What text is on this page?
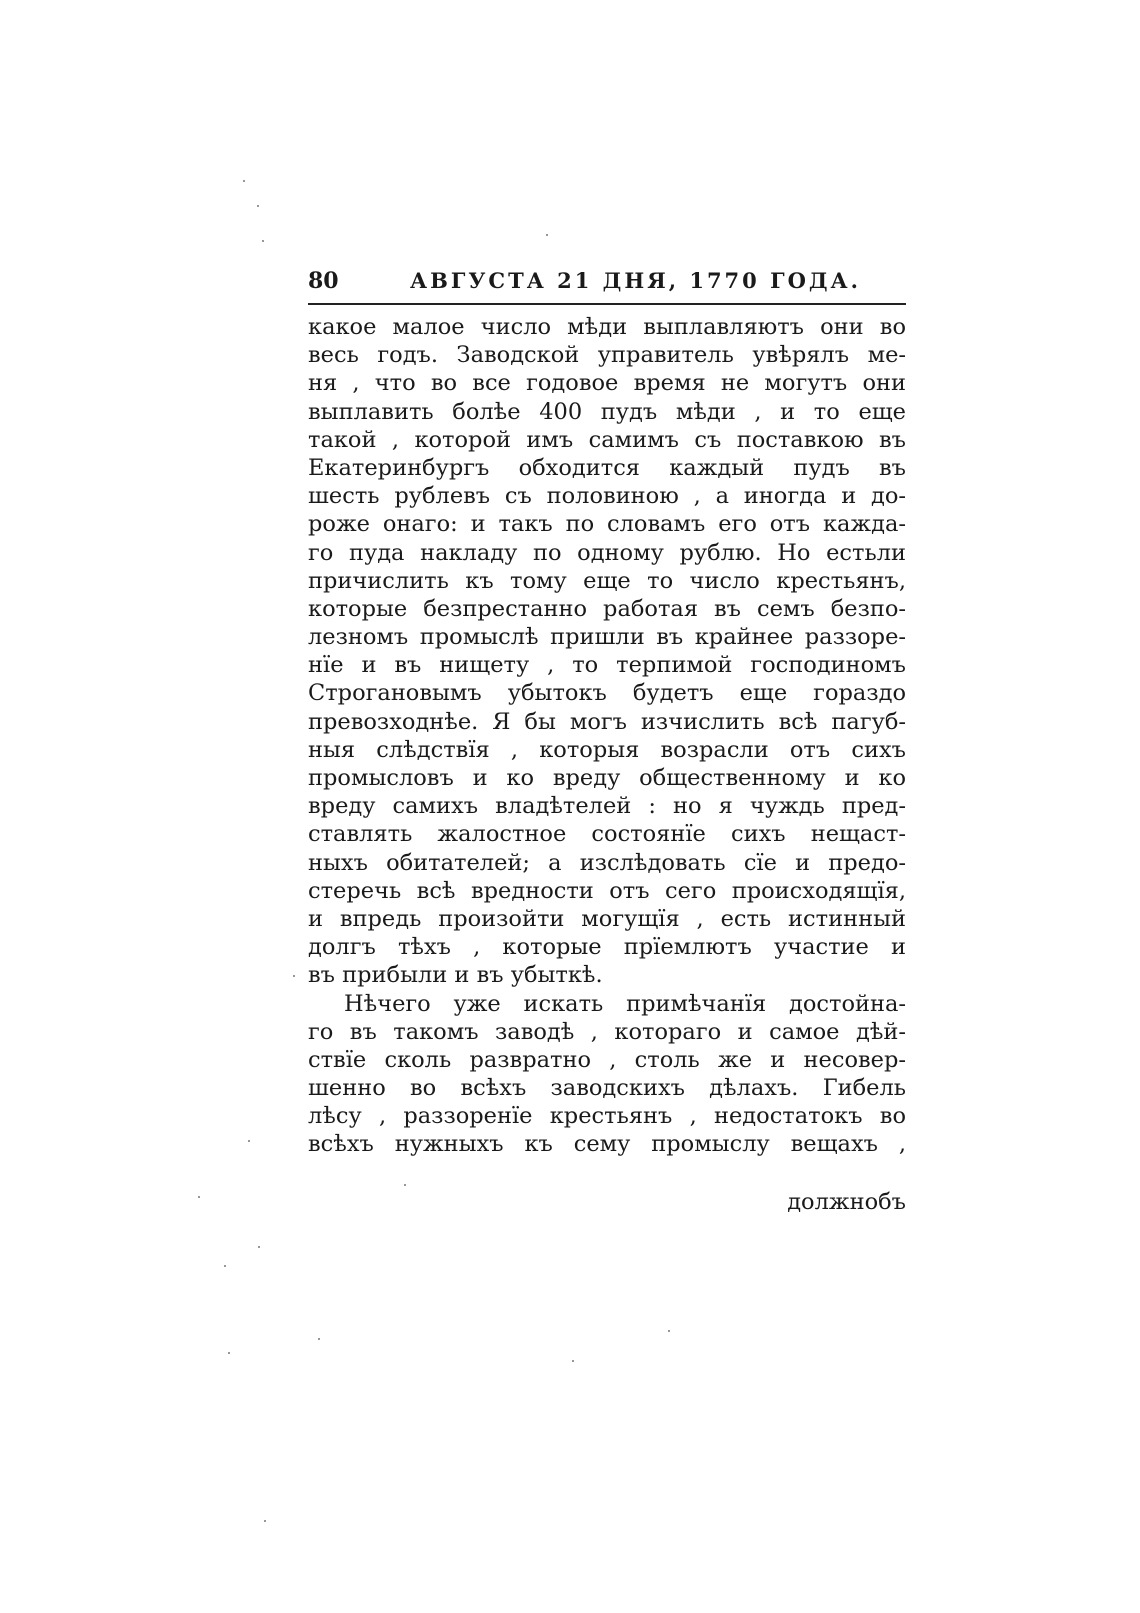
80	АВГУСТА 21 ДНЯ, 1770 ГОДА.
какое малое число мѣди выплавляютъ они во
весь годъ. Заводской управитель увѣрялъ ме-
ня , что во все годовое время не могутъ они
выплавить болѣе 400 пудъ мѣди , и то еще
такой , которой имъ самимъ съ поставкою въ
Екатеринбургъ обходится каждый пудъ въ
шесть рублевъ съ половиною , а иногда и до-
роже онаго: и такъ по словамъ его отъ кажда-
го пуда накладу по одному рублю. Но естьли
причислить къ тому еще то число крестьянъ,
которые безпрестанно работая въ семъ безпо-
лезномъ промыслѣ пришли въ крайнее раззоре-
нїе и въ нищету , то терпимой господиномъ
Строгановымъ убытокъ будетъ еще гораздо
превозходнѣе. Я бы могъ изчислить всѣ пагуб-
ныя слѣдствїя , которыя возрасли отъ сихъ
промысловъ и ко вреду общественному и ко
вреду самихъ владѣтелей : но я чуждь пред-
ставлять жалостное состоянїе сихъ нещаст-
ныхъ обитателей; а изслѣдовать сїе и предо-
стеречь всѣ вредности отъ сего происходящїя,
и впредь произойти могущїя , есть истинный
долгъ тѣхъ , которые прїемлютъ участие и
въ прибыли и въ убыткѣ.
Нѣчего уже искать примѣчанїя достойна-
го въ такомъ заводѣ , котораго и самое дѣй-
ствїе сколь развратно , столь же и несовер-
шенно во всѣхъ заводскихъ дѣлахъ. Гибель
лѣсу , раззоренїе крестьянъ , недостатокъ во
всѣхъ нужныхъ къ сему промыслу вещахъ ,
должнобъ
